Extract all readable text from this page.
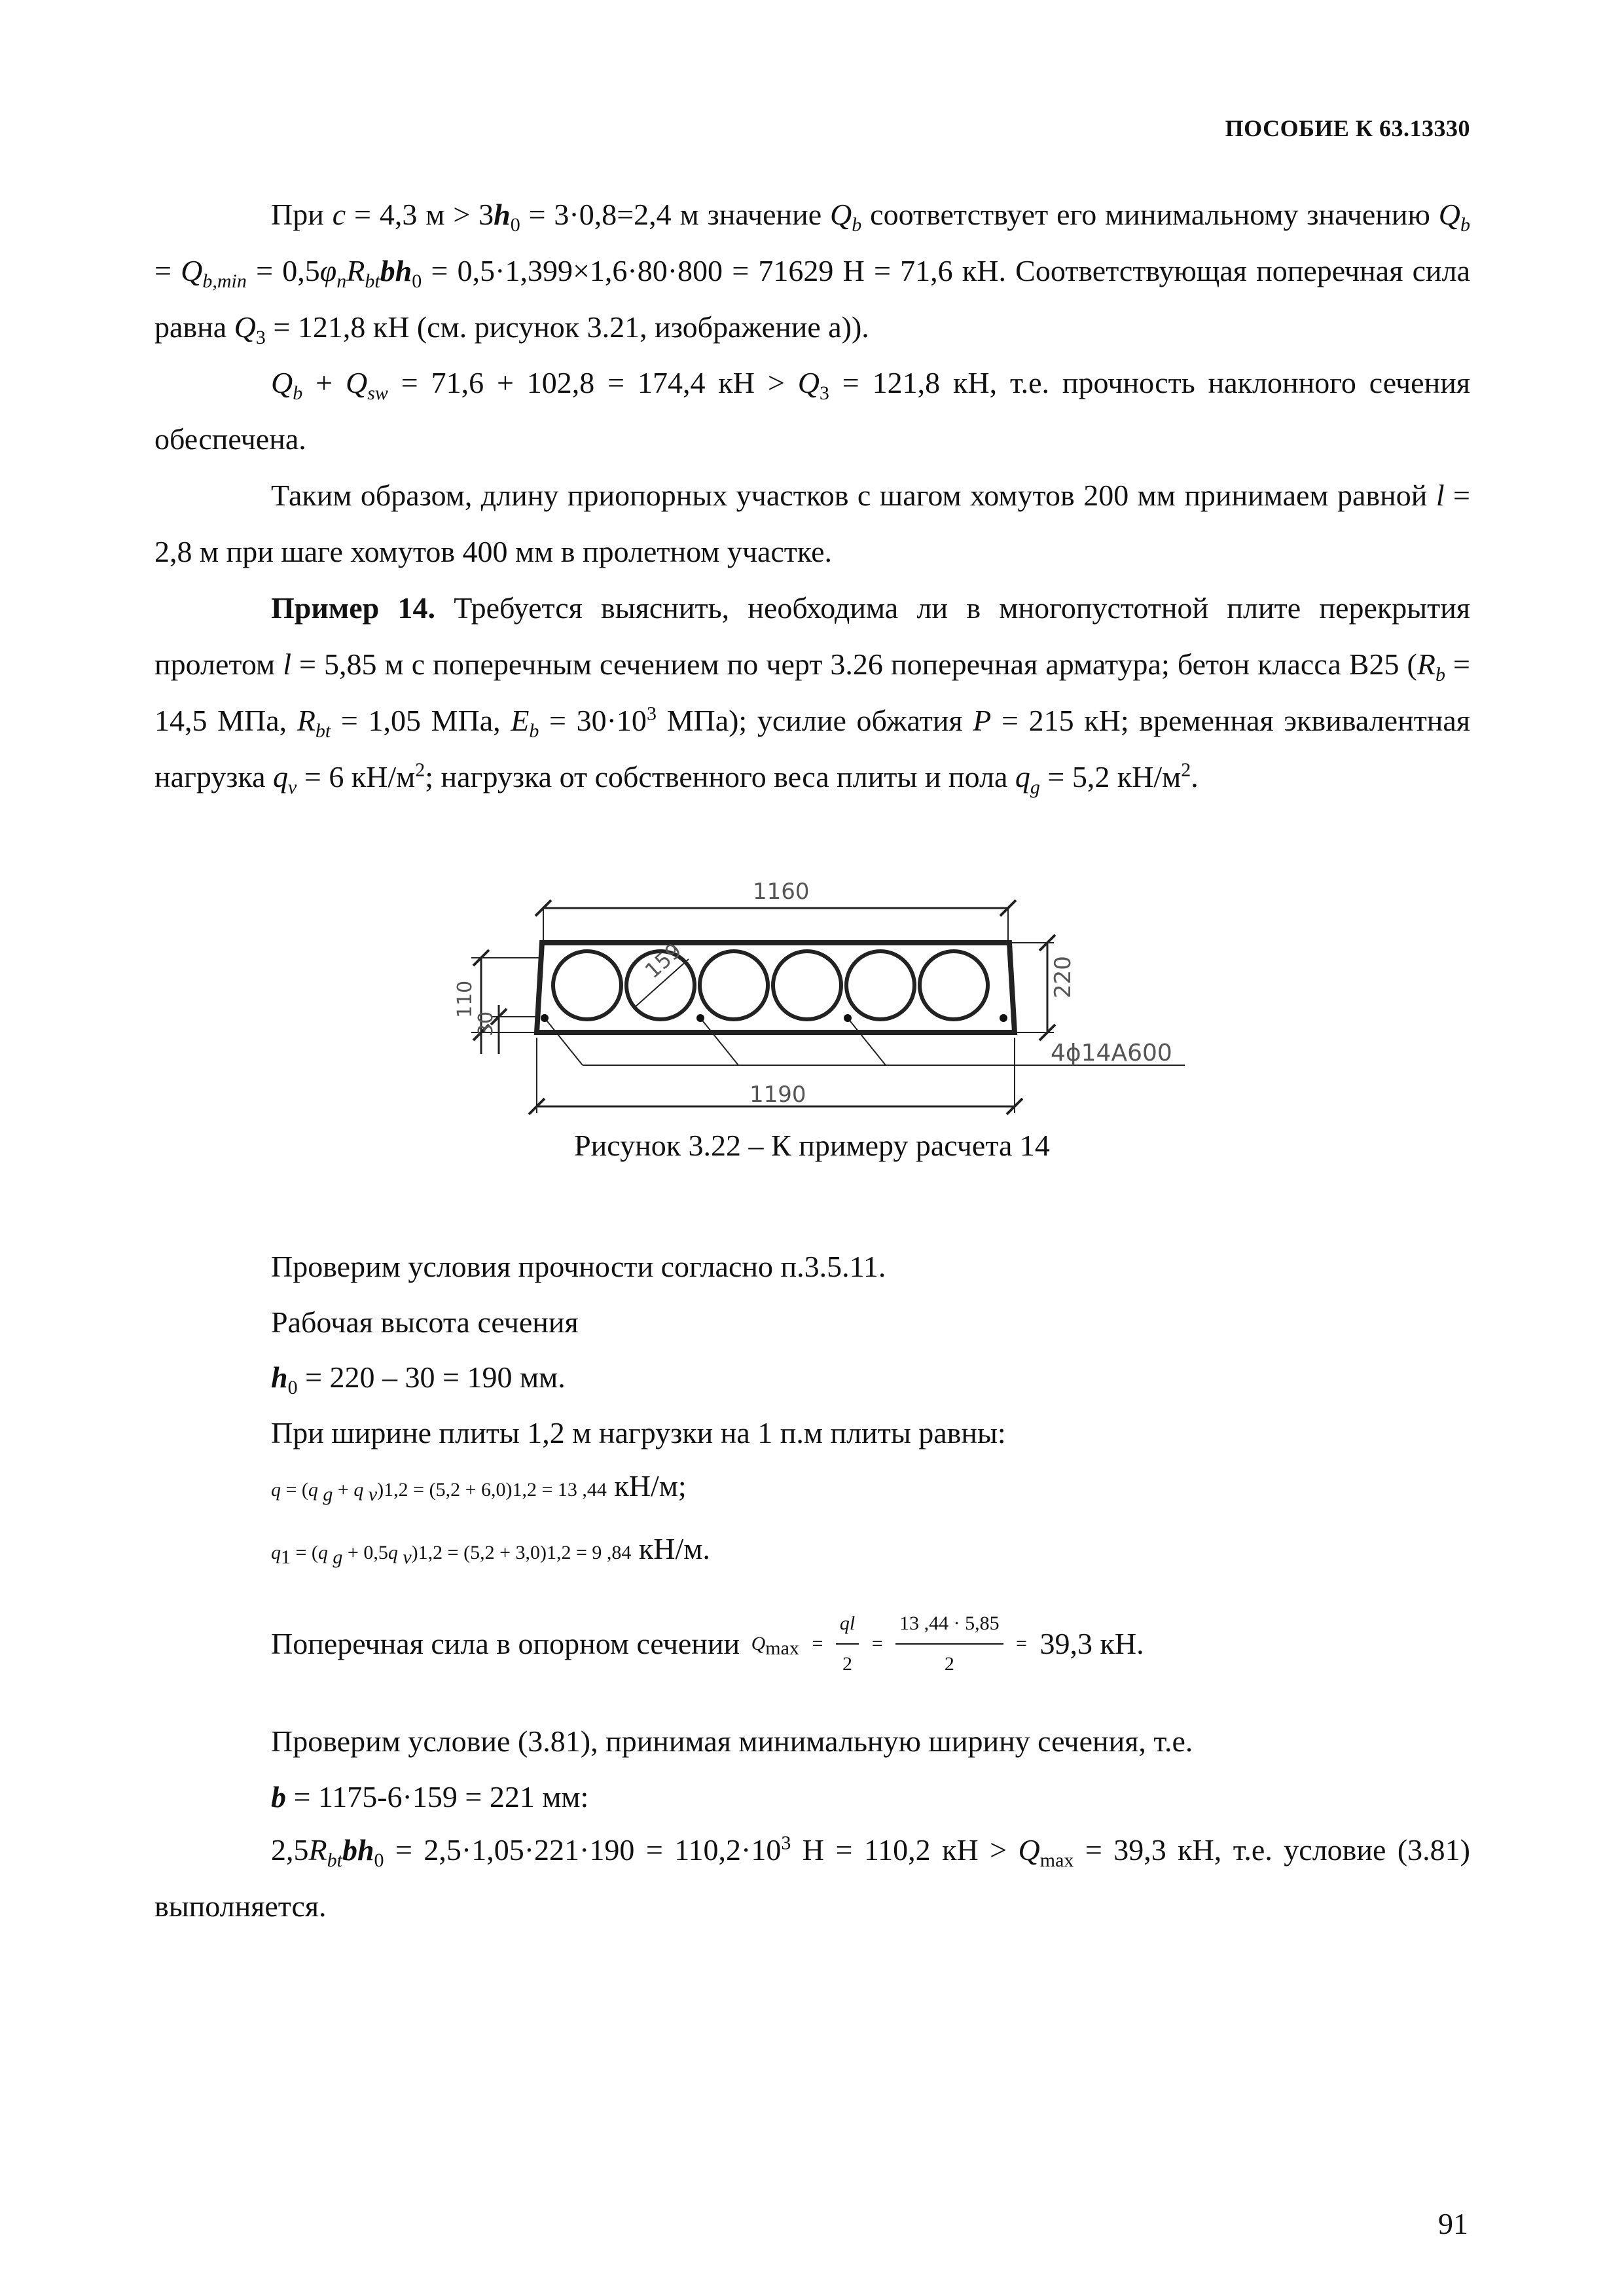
ПОСОБИЕ К 63.13330

При c = 4,3 $м > 3h_0 = 3\cdot 0,8=2,4$ м значение $Q_b$ соответствует его минимальному значению $Q_b = Q_{b,min} = 0,5\varphi_nR_{bt}bh_0 = 0,5\cdot 1,399\times 1,6\cdot 80\cdot 800 = 71629$ Н = 71,6 кН. Соответствующая поперечная сила равна $Q_3 = 121,8$ кН (см. рисунок 3.21, изображение а)).

$Q_b + Q_{sw} = 71,6 + 102,8 = 174,4$ кН > $Q_3 = 121,8$ кН, т.е. прочность наклонного сечения обеспечена.

Таким образом, длину приопорных участков с шагом хомутов 200 мм принимаем равной l = 2,8 м при шаге хомутов 400 мм в пролетном участке.

Пример 14. Требуется выяснить, необходима ли в многопустотной плите перекрытия пролетом l = 5,85 м с поперечным сечением по черт 3.26 поперечная арматура; бетон класса В25 ($R_b = 14,5$ МПа, $R_{bt} = 1,05$ МПа, $E_b = 30\cdot 10^3$ МПа); усилие обжатия P = 215 кН; временная эквивалентная нагрузка $q_v = 6$ $кН/м^2$; нагрузка от собственного веса плиты и пола $q_g = 5,2$ $кН/м^2$.

1160
1190
159	220
110
30
4ϕ14А600
Рисунок 3.22 – К примеру расчета 14

Проверим условия прочности согласно п.3.5.11.

Рабочая высота сечения

$h_0 = 220 - 30 = 190$ мм.

При ширине плиты 1,2 м нагрузки на 1 п.м плиты равны:

q = (q $_g$ + q $_v$)1,2 = (5,2 + 6,0)1,2 = 13 ,44 кН/м;

$q_1 = (q$ $_g$ + 0,5q $_v$)1,2 = (5,2 + 3,0)1,2 = 9 ,84 кН/м.

Поперечная сила в опорном сечении $Q_{max} = \frac{ql}{2} = \frac{13 ,44 \cdot 5,85}{2} = 39,3$ кН.

Проверим условие (3.81), принимая минимальную ширину сечения, т.е.

b = 1175-6·159 = 221 мм:

$2,5R_{bt}bh_0 = 2,5\cdot 1,05\cdot 221\cdot 190 = 110,2\cdot 10^3$ Н = 110,2 кН > $Q_{max} = 39,3$ кН, т.е. условие (3.81) выполняется.

91
